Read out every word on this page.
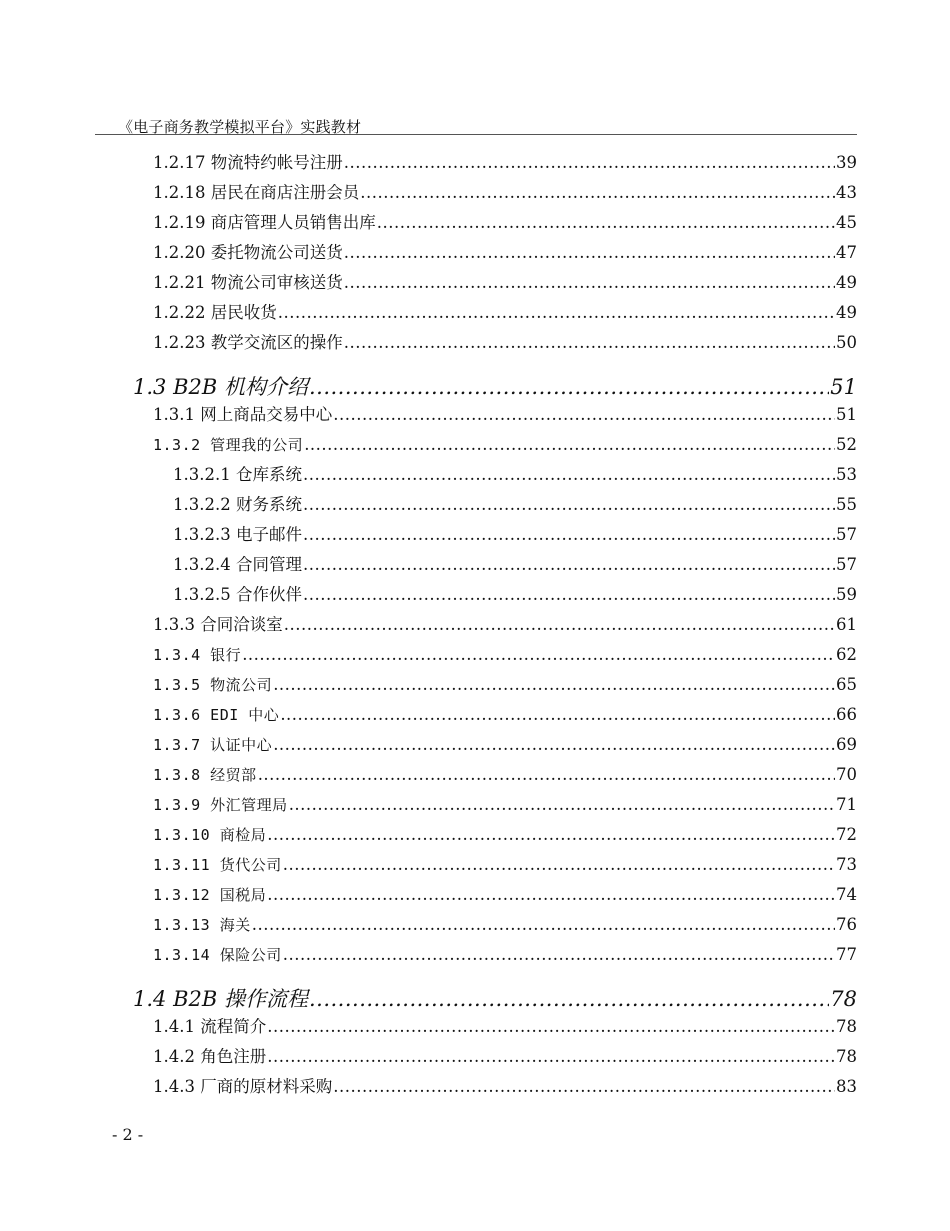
《电子商务教学模拟平台》实践教材
- 2 -
1.2.17 物流特约帐号注册 .....	39
1.2.18 居民在商店注册会员 .....	43
1.2.19 商店管理人员销售出库 .....	45
1.2.20 委托物流公司送货 .....	47
1.2.21 物流公司审核送货 .....	49
1.2.22 居民收货 .....	49
1.2.23 教学交流区的操作 .....	50
1.3 B2B 机构介绍 .....	51
1.3.1 网上商品交易中心 .....	51
1.3.2 管理我的公司 .....	52
1.3.2.1 仓库系统 .....	53
1.3.2.2 财务系统 .....	55
1.3.2.3 电子邮件 .....	57
1.3.2.4 合同管理 .....	57
1.3.2.5 合作伙伴 .....	59
1.3.3 合同洽谈室 .....	61
1.3.4 银行 .....	62
1.3.5 物流公司 .....	65
1.3.6 EDI 中心 .....	66
1.3.7 认证中心 .....	69
1.3.8 经贸部 .....	70
1.3.9 外汇管理局 .....	71
1.3.10 商检局 .....	72
1.3.11 货代公司 .....	73
1.3.12 国税局 .....	74
1.3.13 海关 .....	76
1.3.14 保险公司 .....	77
1.4 B2B 操作流程 .....	78
1.4.1 流程简介 .....	78
1.4.2 角色注册 .....	78
1.4.3 厂商的原材料采购 .....	83
